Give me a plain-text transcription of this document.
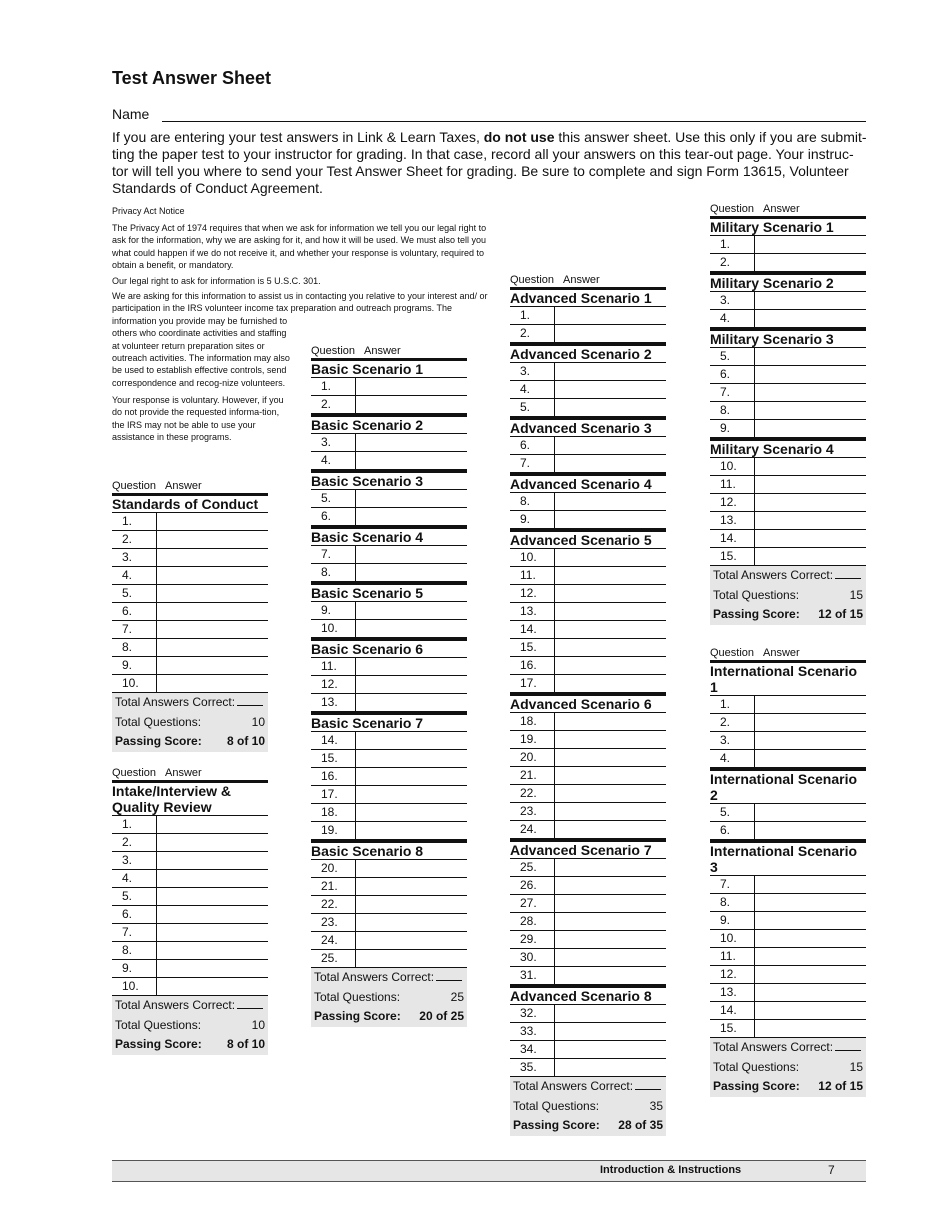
Test Answer Sheet
Name
If you are entering your test answers in Link & Learn Taxes, do not use this answer sheet. Use this only if you are submit-ting the paper test to your instructor for grading. In that case, record all your answers on this tear-out page. Your instruc-tor will tell you where to send your Test Answer Sheet for grading. Be sure to complete and sign Form 13615, Volunteer Standards of Conduct Agreement.

Privacy Act Notice

The Privacy Act of 1974 requires that when we ask for information we tell you our legal right to ask for the information, why we are asking for it, and how it will be used. We must also tell you what could happen if we do not receive it, and whether your response is voluntary, required to obtain a benefit, or mandatory.

Our legal right to ask for information is 5 U.S.C. 301.

We are asking for this information to assist us in contacting you relative to your interest and/ or participation in the IRS volunteer income tax preparation and outreach programs. The

information you provide may be furnished to others who coordinate activities and staffing at volunteer return preparation sites or outreach activities. The information may also be used to establish effective controls, send correspondence and recog-nize volunteers.

Your response is voluntary. However, if you do not provide the requested informa-tion, the IRS may not be able to use your assistance in these programs.

Question Answer
Standards of Conduct
1.
2.
3.
4.
5.
6.
7.
8.
9.
10.
Total Answers Correct:
Total Questions:	10
Passing Score: 8 of 10
Question Answer
Intake/Interview & Quality Review
1.
2.
3.
4.
5.
6.
7.
8.
9.
10.
Total Answers Correct:
Total Questions:	10
Passing Score: 8 of 10
Question Answer
Basic Scenario 1
1.
2.
Basic Scenario 2
3.
4.
Basic Scenario 3
5.
6.
Basic Scenario 4
7.
8.
Basic Scenario 5
9.
10.
Basic Scenario 6
11.
12.
13.
Basic Scenario 7
14.
15.
16.
17.
18.
19.
Basic Scenario 8
20.
21.
22.
23.
24.
25.
Total Answers Correct:
Total Questions:	25
Passing Score: 20 of 25
Question Answer
Advanced Scenario 1
1.
2.
Advanced Scenario 2
3.
4.
5.
Advanced Scenario 3
6.
7.
Advanced Scenario 4
8.
9.
Advanced Scenario 5
10.
11.
12.
13.
14.
15.
16.
17.
Advanced Scenario 6
18.
19.
20.
21.
22.
23.
24.
Advanced Scenario 7
25.
26.
27.
28.
29.
30.
31.
Advanced Scenario 8
32.
33.
34.
35.
Total Answers Correct:
Total Questions:	35
Passing Score: 28 of 35
Question Answer
Military Scenario 1
1.
2.
Military Scenario 2
3.
4.
Military Scenario 3
5.
6.
7.
8.
9.
Military Scenario 4
10.
11.
12.
13.
14.
15.
Total Answers Correct:
Total Questions:	15
Passing Score: 12 of 15
Question Answer
International Scenario 1
1.
2.
3.
4.
International Scenario 2
5.
6.
International Scenario 3
7.
8.
9.
10.
11.
12.
13.
14.
15.
Total Answers Correct:
Total Questions:	15
Passing Score: 12 of 15
Introduction & Instructions	7
